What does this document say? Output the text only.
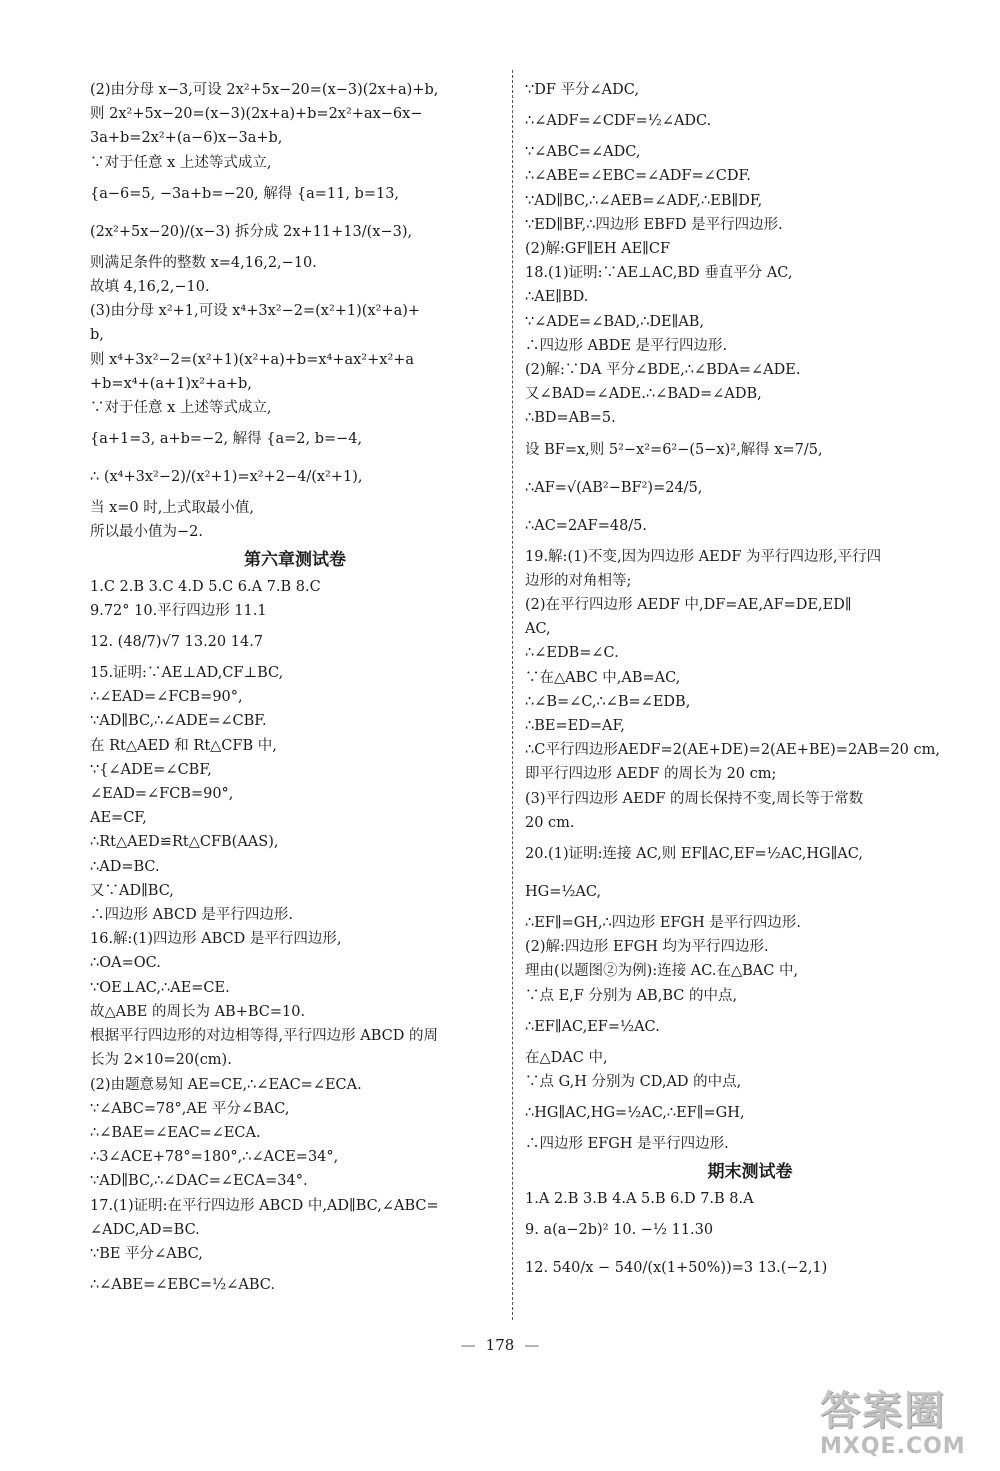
(2)由分母 x−3,可设 2x²+5x−20=(x−3)(2x+a)+b,
则 2x²+5x−20=(x−3)(2x+a)+b=2x²+ax−6x−
3a+b=2x²+(a−6)x−3a+b,
∵对于任意 x 上述等式成立,
{a−6=5, −3a+b=−20, 解得 {a=11, b=13,
(2x²+5x−20)/(x−3) 拆分成 2x+11+13/(x−3),
则满足条件的整数 x=4,16,2,−10.
故填 4,16,2,−10.
(3)由分母 x²+1,可设 x⁴+3x²−2=(x²+1)(x²+a)+
b,
则 x⁴+3x²−2=(x²+1)(x²+a)+b=x⁴+ax²+x²+a
+b=x⁴+(a+1)x²+a+b,
∵对于任意 x 上述等式成立,
{a+1=3, a+b=−2, 解得 {a=2, b=−4,
∴ (x⁴+3x²−2)/(x²+1)=x²+2−4/(x²+1),
当 x=0 时,上式取最小值,
所以最小值为−2.
第六章测试卷
1.C 2.B 3.C 4.D 5.C 6.A 7.B 8.C
9.72° 10.平行四边形 11.1
12. (48/7)√7 13.20 14.7
15.证明:∵AE⊥AD,CF⊥BC,
∴∠EAD=∠FCB=90°,
∵AD∥BC,∴∠ADE=∠CBF.
在 Rt△AED 和 Rt△CFB 中,
∵{∠ADE=∠CBF,
∠EAD=∠FCB=90°,
AE=CF,
∴Rt△AED≌Rt△CFB(AAS),
∴AD=BC.
又∵AD∥BC,
∴四边形 ABCD 是平行四边形.
16.解:(1)四边形 ABCD 是平行四边形,
∴OA=OC.
∵OE⊥AC,∴AE=CE.
故△ABE 的周长为 AB+BC=10.
根据平行四边形的对边相等得,平行四边形 ABCD 的周
长为 2×10=20(cm).
(2)由题意易知 AE=CE,∴∠EAC=∠ECA.
∵∠ABC=78°,AE 平分∠BAC,
∴∠BAE=∠EAC=∠ECA.
∴3∠ACE+78°=180°,∴∠ACE=34°,
∵AD∥BC,∴∠DAC=∠ECA=34°.
17.(1)证明:在平行四边形 ABCD 中,AD∥BC,∠ABC=
∠ADC,AD=BC.
∵BE 平分∠ABC,
∴∠ABE=∠EBC=½∠ABC.
∵DF 平分∠ADC,
∴∠ADF=∠CDF=½∠ADC.
∵∠ABC=∠ADC,
∴∠ABE=∠EBC=∠ADF=∠CDF.
∵AD∥BC,∴∠AEB=∠ADF,∴EB∥DF,
∵ED∥BF,∴四边形 EBFD 是平行四边形.
(2)解:GF∥EH AE∥CF
18.(1)证明:∵AE⊥AC,BD 垂直平分 AC,
∴AE∥BD.
∵∠ADE=∠BAD,∴DE∥AB,
∴四边形 ABDE 是平行四边形.
(2)解:∵DA 平分∠BDE,∴∠BDA=∠ADE.
又∠BAD=∠ADE.∴∠BAD=∠ADB,
∴BD=AB=5.
设 BF=x,则 5²−x²=6²−(5−x)²,解得 x=7/5,
∴AF=√(AB²−BF²)=24/5,
∴AC=2AF=48/5.
19.解:(1)不变,因为四边形 AEDF 为平行四边形,平行四
边形的对角相等;
(2)在平行四边形 AEDF 中,DF=AE,AF=DE,ED∥
AC,
∴∠EDB=∠C.
∵在△ABC 中,AB=AC,
∴∠B=∠C,∴∠B=∠EDB,
∴BE=ED=AF,
∴C平行四边形AEDF=2(AE+DE)=2(AE+BE)=2AB=20 cm,
即平行四边形 AEDF 的周长为 20 cm;
(3)平行四边形 AEDF 的周长保持不变,周长等于常数
20 cm.
20.(1)证明:连接 AC,则 EF∥AC,EF=½AC,HG∥AC,
HG=½AC,
∴EF∥=GH,∴四边形 EFGH 是平行四边形.
(2)解:四边形 EFGH 均为平行四边形.
理由(以题图②为例):连接 AC.在△BAC 中,
∵点 E,F 分别为 AB,BC 的中点,
∴EF∥AC,EF=½AC.
在△DAC 中,
∵点 G,H 分别为 CD,AD 的中点,
∴HG∥AC,HG=½AC,∴EF∥=GH,
∴四边形 EFGH 是平行四边形.
期末测试卷
1.A 2.B 3.B 4.A 5.B 6.D 7.B 8.A
9. a(a−2b)² 10. −½ 11.30
12. 540/x − 540/(x(1+50%))=3 13.(−2,1)
— 178 —
答案圈
MXQE.COM
